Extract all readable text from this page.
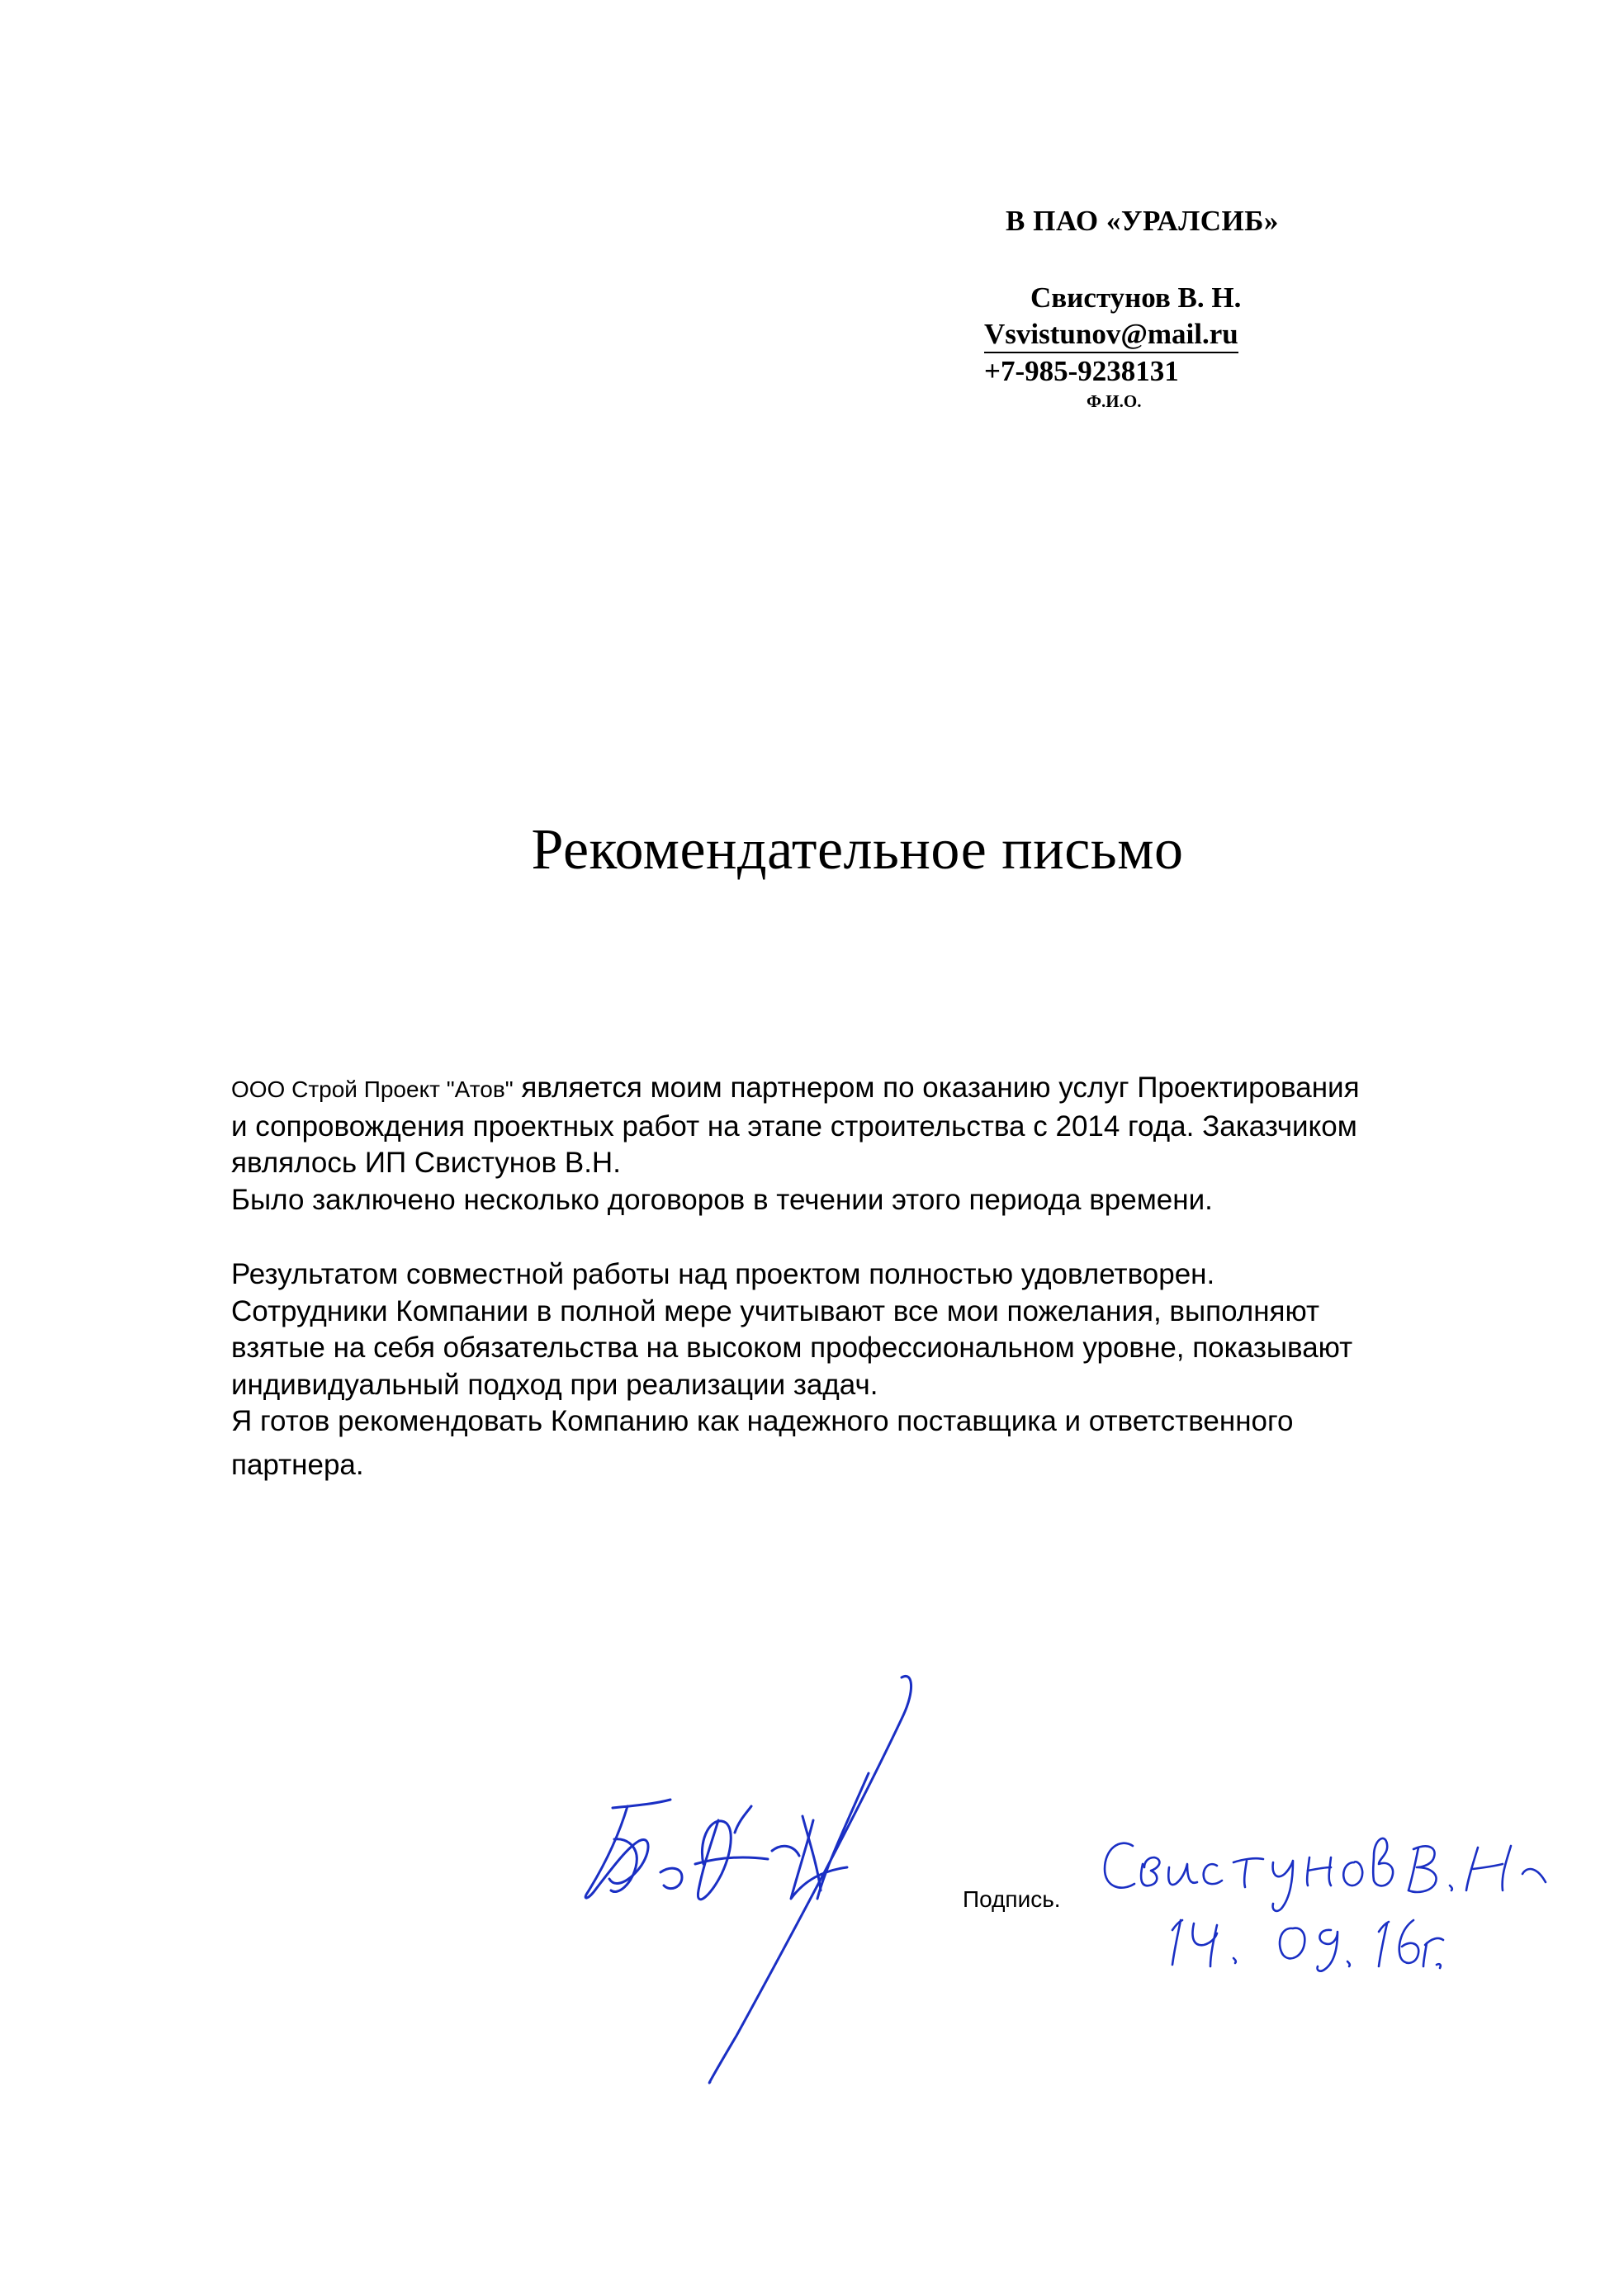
В ПАО «УРАЛСИБ»
Свистунов В. Н.
Vsvistunov@mail.ru
+7-985-9238131
Ф.И.О.
Рекомендательное письмо

ООО Строй Проект "Атов" является моим партнером по оказанию услуг Проектирования

и сопровождения проектных работ на этапе строительства с 2014 года. Заказчиком

являлось ИП Свистунов В.Н.

Было заключено несколько договоров в течении этого периода времени.

Результатом совместной работы над проектом полностью удовлетворен.

Сотрудники Компании в полной мере учитывают все мои пожелания, выполняют

взятые на себя обязательства на высоком профессиональном уровне, показывают

индивидуальный подход при реализации задач.

Я готов рекомендовать Компанию как надежного поставщика и ответственного

партнера.

Подпись.
